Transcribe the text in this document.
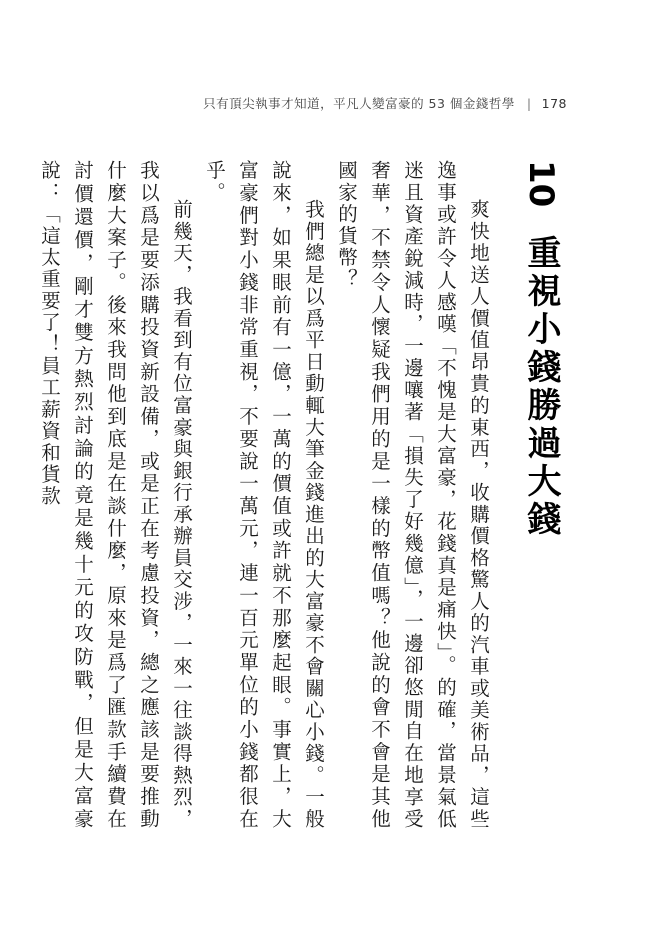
只有頂尖執事才知道，平凡人變富豪的 53 個金錢哲學 | 178
10 重視小錢勝過大錢

爽快地送人價值昂貴的東西，收購價格驚人的汽車或美術品，這些逸事或許令人感嘆「不愧是大富豪，花錢真是痛快」。的確，當景氣低迷且資產銳減時，一邊嚷著「損失了好幾億」，一邊卻悠閒自在地享受奢華，不禁令人懷疑我們用的是一樣的幣值嗎？他說的會不會是其他國家的貨幣？

我們總是以爲平日動輒大筆金錢進出的大富豪不會關心小錢。一般說來，如果眼前有一億，一萬的價值或許就不那麼起眼。事實上，大富豪們對小錢非常重視，不要說一萬元，連一百元單位的小錢都很在乎。

前幾天，我看到有位富豪與銀行承辦員交涉，一來一往談得熱烈，我以爲是要添購投資新設備，或是正在考慮投資，總之應該是要推動什麼大案子。後來我問他到底是在談什麼，原來是爲了匯款手續費在討價還價，剛才雙方熱烈討論的竟是幾十元的攻防戰，但是大富豪說：「這太重要了！員工薪資和貨款
